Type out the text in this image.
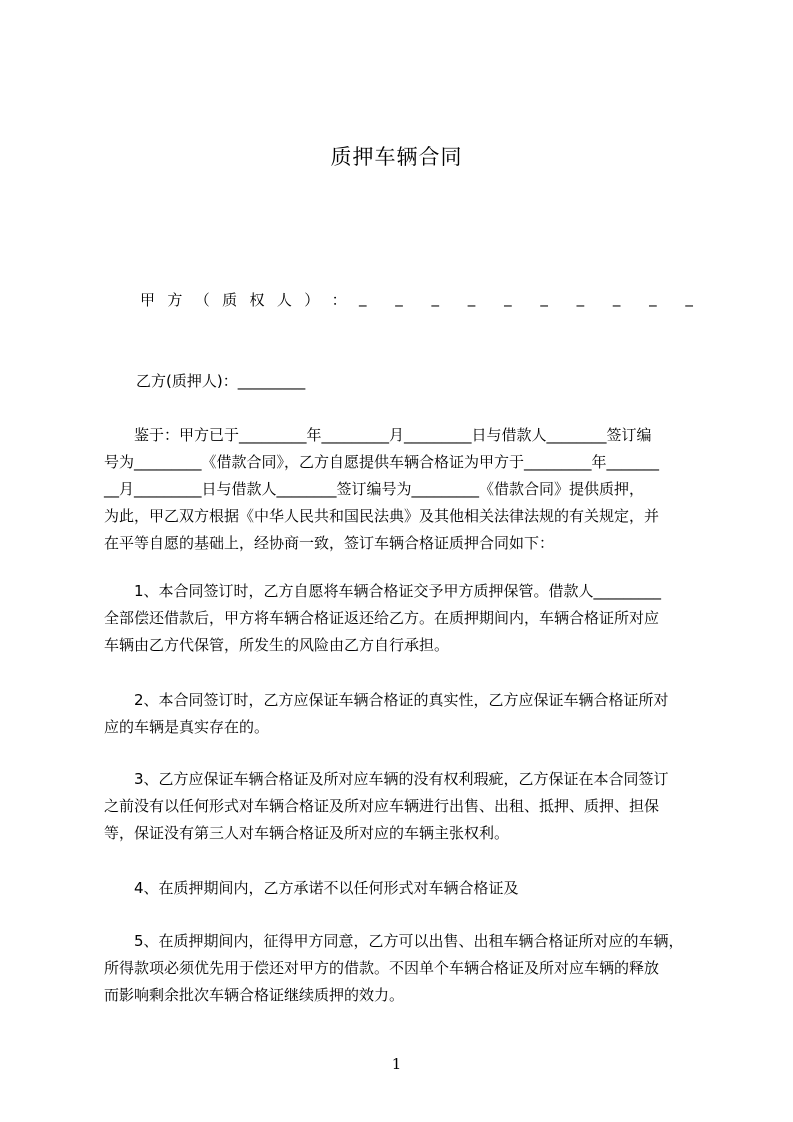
质押车辆合同
甲 方 （ 质 权 人 ） ： _ _ _ _ _ _ _ _ _ _
乙方(质押人)：_________
　　鉴于：甲方已于_________年_________月_________日与借款人________签订编
号为_________《借款合同》，乙方自愿提供车辆合格证为甲方于_________年_______
__月_________日与借款人________签订编号为_________《借款合同》提供质押，
为此，甲乙双方根据《中华人民共和国民法典》及其他相关法律法规的有关规定，并
在平等自愿的基础上，经协商一致，签订车辆合格证质押合同如下：
　　1、本合同签订时，乙方自愿将车辆合格证交予甲方质押保管。借款人_________
全部偿还借款后，甲方将车辆合格证返还给乙方。在质押期间内，车辆合格证所对应
车辆由乙方代保管，所发生的风险由乙方自行承担。
　　2、本合同签订时，乙方应保证车辆合格证的真实性，乙方应保证车辆合格证所对
应的车辆是真实存在的。
　　3、乙方应保证车辆合格证及所对应车辆的没有权利瑕疵，乙方保证在本合同签订
之前没有以任何形式对车辆合格证及所对应车辆进行出售、出租、抵押、质押、担保
等，保证没有第三人对车辆合格证及所对应的车辆主张权利。
　　4、在质押期间内，乙方承诺不以任何形式对车辆合格证及
　　5、在质押期间内，征得甲方同意，乙方可以出售、出租车辆合格证所对应的车辆，
所得款项必须优先用于偿还对甲方的借款。不因单个车辆合格证及所对应车辆的释放
而影响剩余批次车辆合格证继续质押的效力。
1
